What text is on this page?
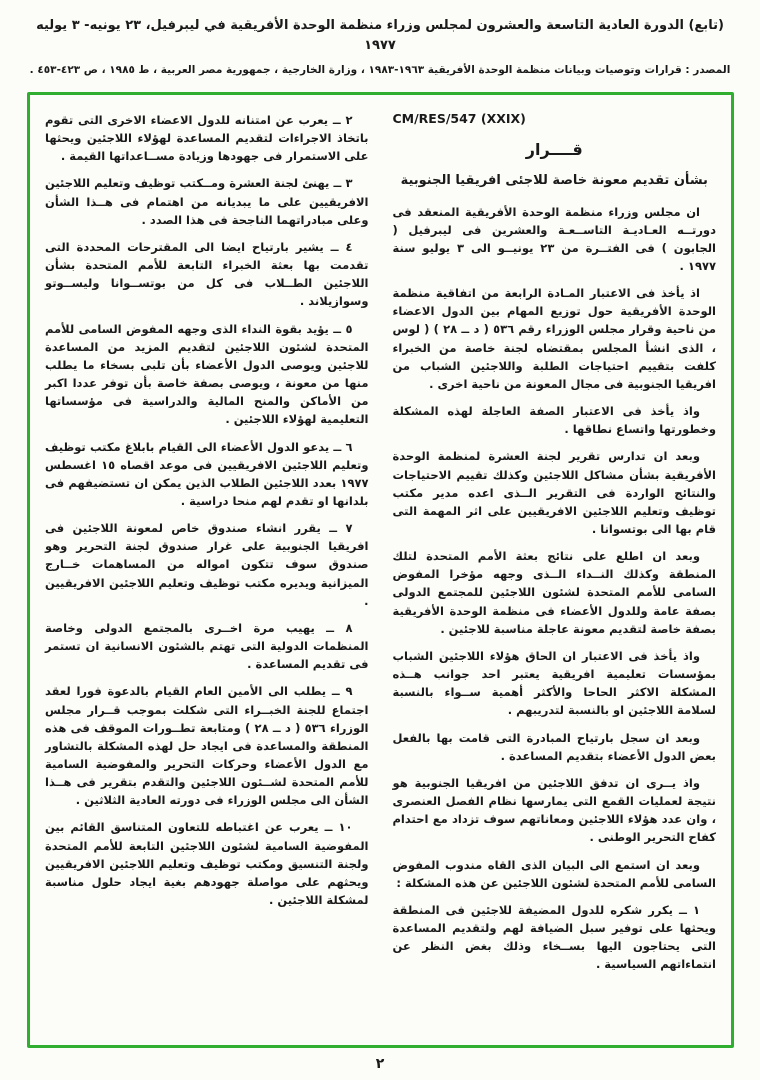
(تابع) الدورة العادية التاسعة والعشرون لمجلس وزراء منظمة الوحدة الأفريقية في ليبرفيل، ٢٣ يونيه- ٣ يوليه ١٩٧٧
المصدر : قرارات وتوصيات وبيانات منظمة الوحدة الأفريقية ١٩٦٣-١٩٨٣ ، وزارة الخارجية ، جمهورية مصر العربية ، ط ١٩٨٥ ، ص ٤٢٣-٤٥٣ .
CM/RES/547 (XXIX)
قــــرار
بشأن تقديم معونة خاصة للاجئى افريقيا الجنوبية

ان مجلس وزراء منظمة الوحدة الأفريقية المنعقد فى دورتــه العـاديـة التاســعـة والعشرين فى ليبرفيل ( الجابون ) فى الفتــرة من ٢٣ يونيــو الى ٣ يوليو سنة ١٩٧٧ .

اذ يأخذ فى الاعتبار المـادة الرابعة من اتفاقية منظمة الوحدة الأفريقية حول توزيع المهام بين الدول الاعضاء من ناحية وقرار مجلس الوزراء رقم ٥٣٦ ( د ــ ٢٨ ) ( لوس ، الذى انشأ المجلس بمقتضاه لجنة خاصة من الخبراء كلفت بتقييم احتياجات الطلبة واللاجئين الشباب من افريقيا الجنوبية فى مجال المعونة من ناحية اخرى .

واذ يأخذ فى الاعتبار الصفة العاجلة لهذه المشكلة وخطورتها واتساع نطاقها .

وبعد ان تدارس تقرير لجنة العشرة لمنظمة الوحدة الأفريقية بشأن مشاكل اللاجئين وكذلك تقييم الاحتياجات والنتائج الواردة فى التقرير الــذى اعده مدير مكتب توظيف وتعليم اللاجئين الافريقيين على اثر المهمة التى قام بها الى بوتسوانا .

وبعد ان اطلع على نتائج بعثة الأمم المتحدة لتلك المنطقة وكذلك النــداء الــذى وجهه مؤخرا المفوض السامى للأمم المتحدة لشئون اللاجئين للمجتمع الدولى بصفة عامة وللدول الأعضاء فى منظمة الوحدة الأفريقية بصفة خاصة لتقديم معونة عاجلة مناسبة للاجئين .

واذ يأخذ فى الاعتبار ان الحاق هؤلاء اللاجئين الشباب بمؤسسات تعليمية افريقية يعتبر احد جوانب هــذه المشكلة الاكثر الحاحا والأكثر أهمية ســواء بالنسبة لسلامة اللاجئين او بالنسبة لتدريبهم .

وبعد ان سجل بارتياح المبادرة التى قامت بها بالفعل بعض الدول الأعضاء بتقديم المساعدة .

واذ يــرى ان تدفق اللاجئين من افريقيا الجنوبية هو نتيجة لعمليات القمع التى يمارسها نظام الفصل العنصرى ، وان عدد هؤلاء اللاجئين ومعاناتهم سوف تزداد مع احتدام كفاح التحرير الوطنى .

وبعد ان استمع الى البيان الذى القاه مندوب المفوض السامى للأمم المتحدة لشئون اللاجئين عن هذه المشكلة :

١ ــ يكرر شكره للدول المضيفة للاجئين فى المنطقة ويحثها على توفير سبل الضيافة لهم ولتقديم المساعدة التى يحتاجون اليها بســخاء وذلك بغض النظر عن انتماءاتهم السياسية .

٢ ــ يعرب عن امتنانه للدول الاعضاء الاخرى التى تقوم باتخاذ الاجراءات لتقديم المساعدة لهؤلاء اللاجئين ويحثها على الاستمرار فى جهودها وزيادة مســاعداتها القيمة .

٣ ــ يهنئ لجنة العشرة ومــكتب توظيف وتعليم اللاجئين الافريقيين على ما يبديانه من اهتمام فى هــذا الشأن وعلى مبادراتهما الناجحة فى هذا الصدد .

٤ ــ يشير بارتياح ايضا الى المقترحات المحددة التى تقدمت بها بعثة الخبراء التابعة للأمم المتحدة بشأن اللاجئين الطــلاب فى كل من بوتســوانا وليســوتو وسوازيلاند .

٥ ــ يؤيد بقوة النداء الذى وجهه المفوض السامى للأمم المتحدة لشئون اللاجئين لتقديم المزيد من المساعدة للاجئين ويوصى الدول الأعضاء بأن تلبى بسخاء ما يطلب منها من معونة ، ويوصى بصفة خاصة بأن توفر عددا اكبر من الأماكن والمنح المالية والدراسية فى مؤسساتها التعليمية لهؤلاء اللاجئين .

٦ ــ يدعو الدول الأعضاء الى القيام بابلاغ مكتب توظيف وتعليم اللاجئين الافريقيين فى موعد اقصاه ١٥ اغسطس ١٩٧٧ بعدد اللاجئين الطلاب الذين يمكن ان تستضيفهم فى بلدانها او تقدم لهم منحا دراسية .

٧ ــ يقرر انشاء صندوق خاص لمعونة اللاجئين فى افريقيا الجنوبية على غرار صندوق لجنة التحرير وهو صندوق سوف تتكون امواله من المساهمات خــارج الميزانية ويديره مكتب توظيف وتعليم اللاجئين الافريقيين .

٨ ــ يهيب مرة اخــرى بالمجتمع الدولى وخاصة المنظمات الدولية التى تهتم بالشئون الانسانية ان تستمر فى تقديم المساعدة .

٩ ــ يطلب الى الأمين العام القيام بالدعوة فورا لعقد اجتماع للجنة الخبــراء التى شكلت بموجب قــرار مجلس الوزراء ٥٣٦ ( د ــ ٢٨ ) ومتابعة تطــورات الموقف فى هذه المنطقة والمساعدة فى ايجاد حل لهذه المشكلة بالتشاور مع الدول الأعضاء وحركات التحرير والمفوضية السامية للأمم المتحدة لشــئون اللاجئين والتقدم بتقرير فى هــذا الشأن الى مجلس الوزراء فى دورته العادية الثلاثين .

١٠ ــ يعرب عن اغتباطه للتعاون المتناسق القائم بين المفوضية السامية لشئون اللاجئين التابعة للأمم المتحدة ولجنة التنسيق ومكتب توظيف وتعليم اللاجئين الافريقيين ويحثهم على مواصلة جهودهم بغية ايجاد حلول مناسبة لمشكلة اللاجئين .

٢
